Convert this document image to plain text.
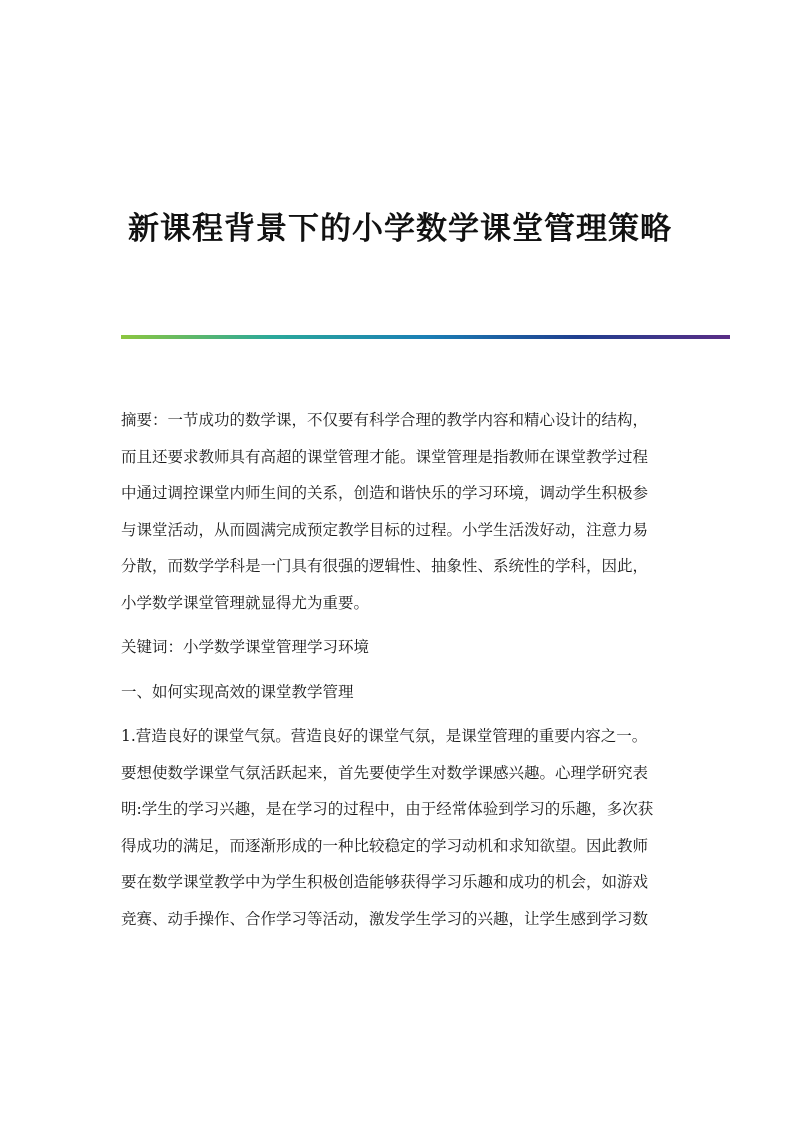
新课程背景下的小学数学课堂管理策略

摘要：一节成功的数学课，不仅要有科学合理的教学内容和精心设计的结构，
而且还要求教师具有高超的课堂管理才能。课堂管理是指教师在课堂教学过程
中通过调控课堂内师生间的关系，创造和谐快乐的学习环境，调动学生积极参
与课堂活动，从而圆满完成预定教学目标的过程。小学生活泼好动，注意力易
分散，而数学学科是一门具有很强的逻辑性、抽象性、系统性的学科，因此，
小学数学课堂管理就显得尤为重要。

关键词：小学数学课堂管理学习环境

一、如何实现高效的课堂教学管理

1.营造良好的课堂气氛。营造良好的课堂气氛，是课堂管理的重要内容之一。
要想使数学课堂气氛活跃起来，首先要使学生对数学课感兴趣。心理学研究表
明:学生的学习兴趣，是在学习的过程中，由于经常体验到学习的乐趣，多次获
得成功的满足，而逐渐形成的一种比较稳定的学习动机和求知欲望。因此教师
要在数学课堂教学中为学生积极创造能够获得学习乐趣和成功的机会，如游戏
竞赛、动手操作、合作学习等活动，激发学生学习的兴趣，让学生感到学习数
